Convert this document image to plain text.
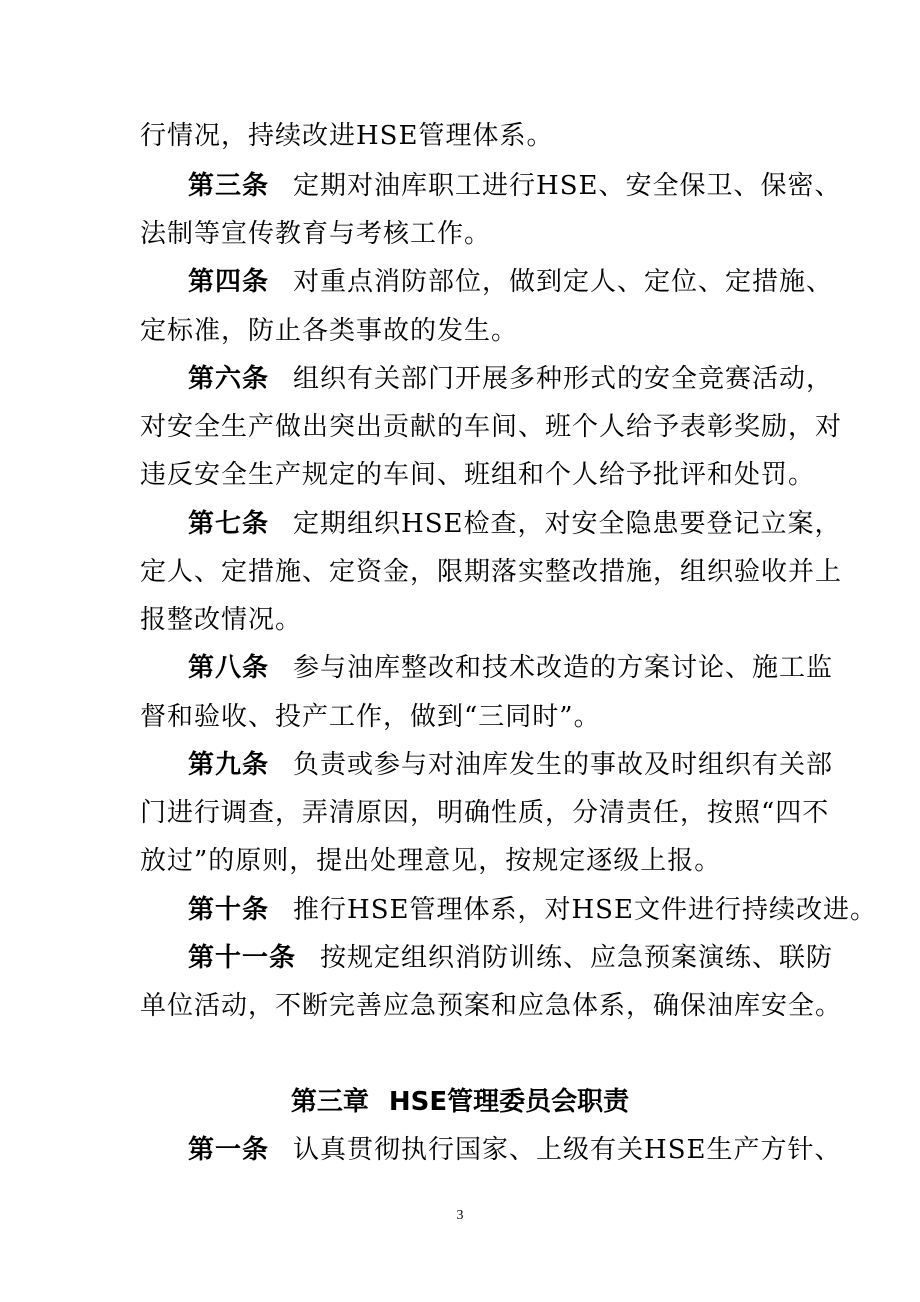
行情况，持续改进HSE管理体系。
第三条 定期对油库职工进行HSE、安全保卫、保密、
法制等宣传教育与考核工作。
第四条 对重点消防部位，做到定人、定位、定措施、
定标准，防止各类事故的发生。
第六条 组织有关部门开展多种形式的安全竞赛活动，
对安全生产做出突出贡献的车间、班个人给予表彰奖励，对
违反安全生产规定的车间、班组和个人给予批评和处罚。
第七条 定期组织HSE检查，对安全隐患要登记立案，
定人、定措施、定资金，限期落实整改措施，组织验收并上
报整改情况。
第八条 参与油库整改和技术改造的方案讨论、施工监
督和验收、投产工作，做到“三同时”。
第九条 负责或参与对油库发生的事故及时组织有关部
门进行调查，弄清原因，明确性质，分清责任，按照“四不
放过”的原则，提出处理意见，按规定逐级上报。
第十条 推行HSE管理体系，对HSE文件进行持续改进。
第十一条 按规定组织消防训练、应急预案演练、联防
单位活动，不断完善应急预案和应急体系，确保油库安全。
第三章 HSE管理委员会职责
第一条 认真贯彻执行国家、上级有关HSE生产方针、
3
